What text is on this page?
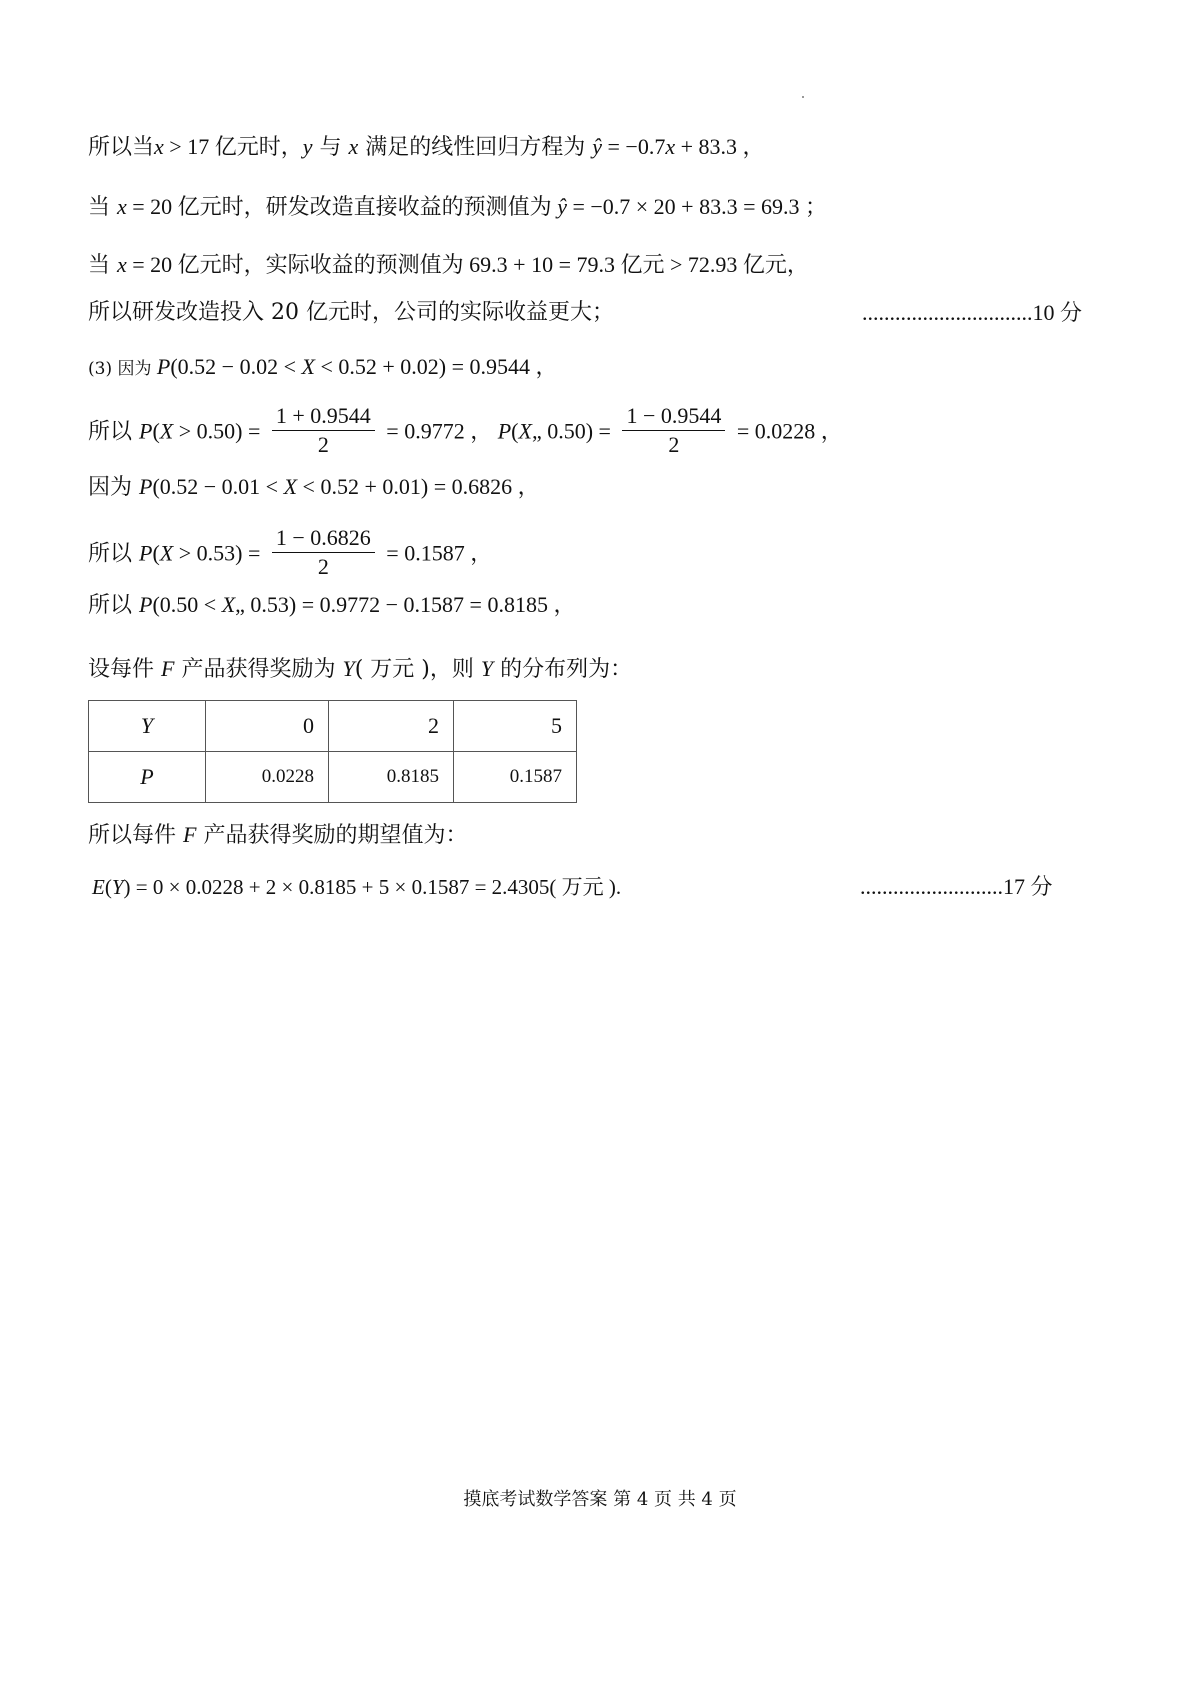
所以当x > 17 亿元时，y 与 x 满足的线性回归方程为 ŷ = −0.7x + 83.3 ，
当 x = 20 亿元时，研发改造直接收益的预测值为 ŷ = −0.7 × 20 + 83.3 = 69.3 ；
当 x = 20 亿元时，实际收益的预测值为 69.3 + 10 = 79.3 亿元 > 72.93 亿元，
所以研发改造投入 20 亿元时，公司的实际收益更大；	...............................10 分
(3) 因为 P(0.52 − 0.02 < X < 0.52 + 0.02) = 0.9544 ，
所以 $P(X > 0.50) = \frac{1 + 0.9544}{2} = 0.9772$ ， P(X„ $0.50) = \frac{1 - 0.9544}{2} = 0.0228$ ，
因为 P(0.52 − 0.01 < X < 0.52 + 0.01) = 0.6826 ，
所以 $P(X > 0.53) = \frac{1 - 0.6826}{2} = 0.1587$ ，
所以 P(0.50 < X„ 0.53) = 0.9772 − 0.1587 = 0.8185 ，
设每件 F 产品获得奖励为 Y( 万元 )，则 Y 的分布列为：
Y	0	2	5
P	0.0228	0.8185	0.1587
所以每件 F 产品获得奖励的期望值为：
E(Y) = 0 × 0.0228 + 2 × 0.8185 + 5 × 0.1587 = 2.4305( 万元 ).	..........................17 分
摸底考试数学答案 第 4 页 共 4 页
